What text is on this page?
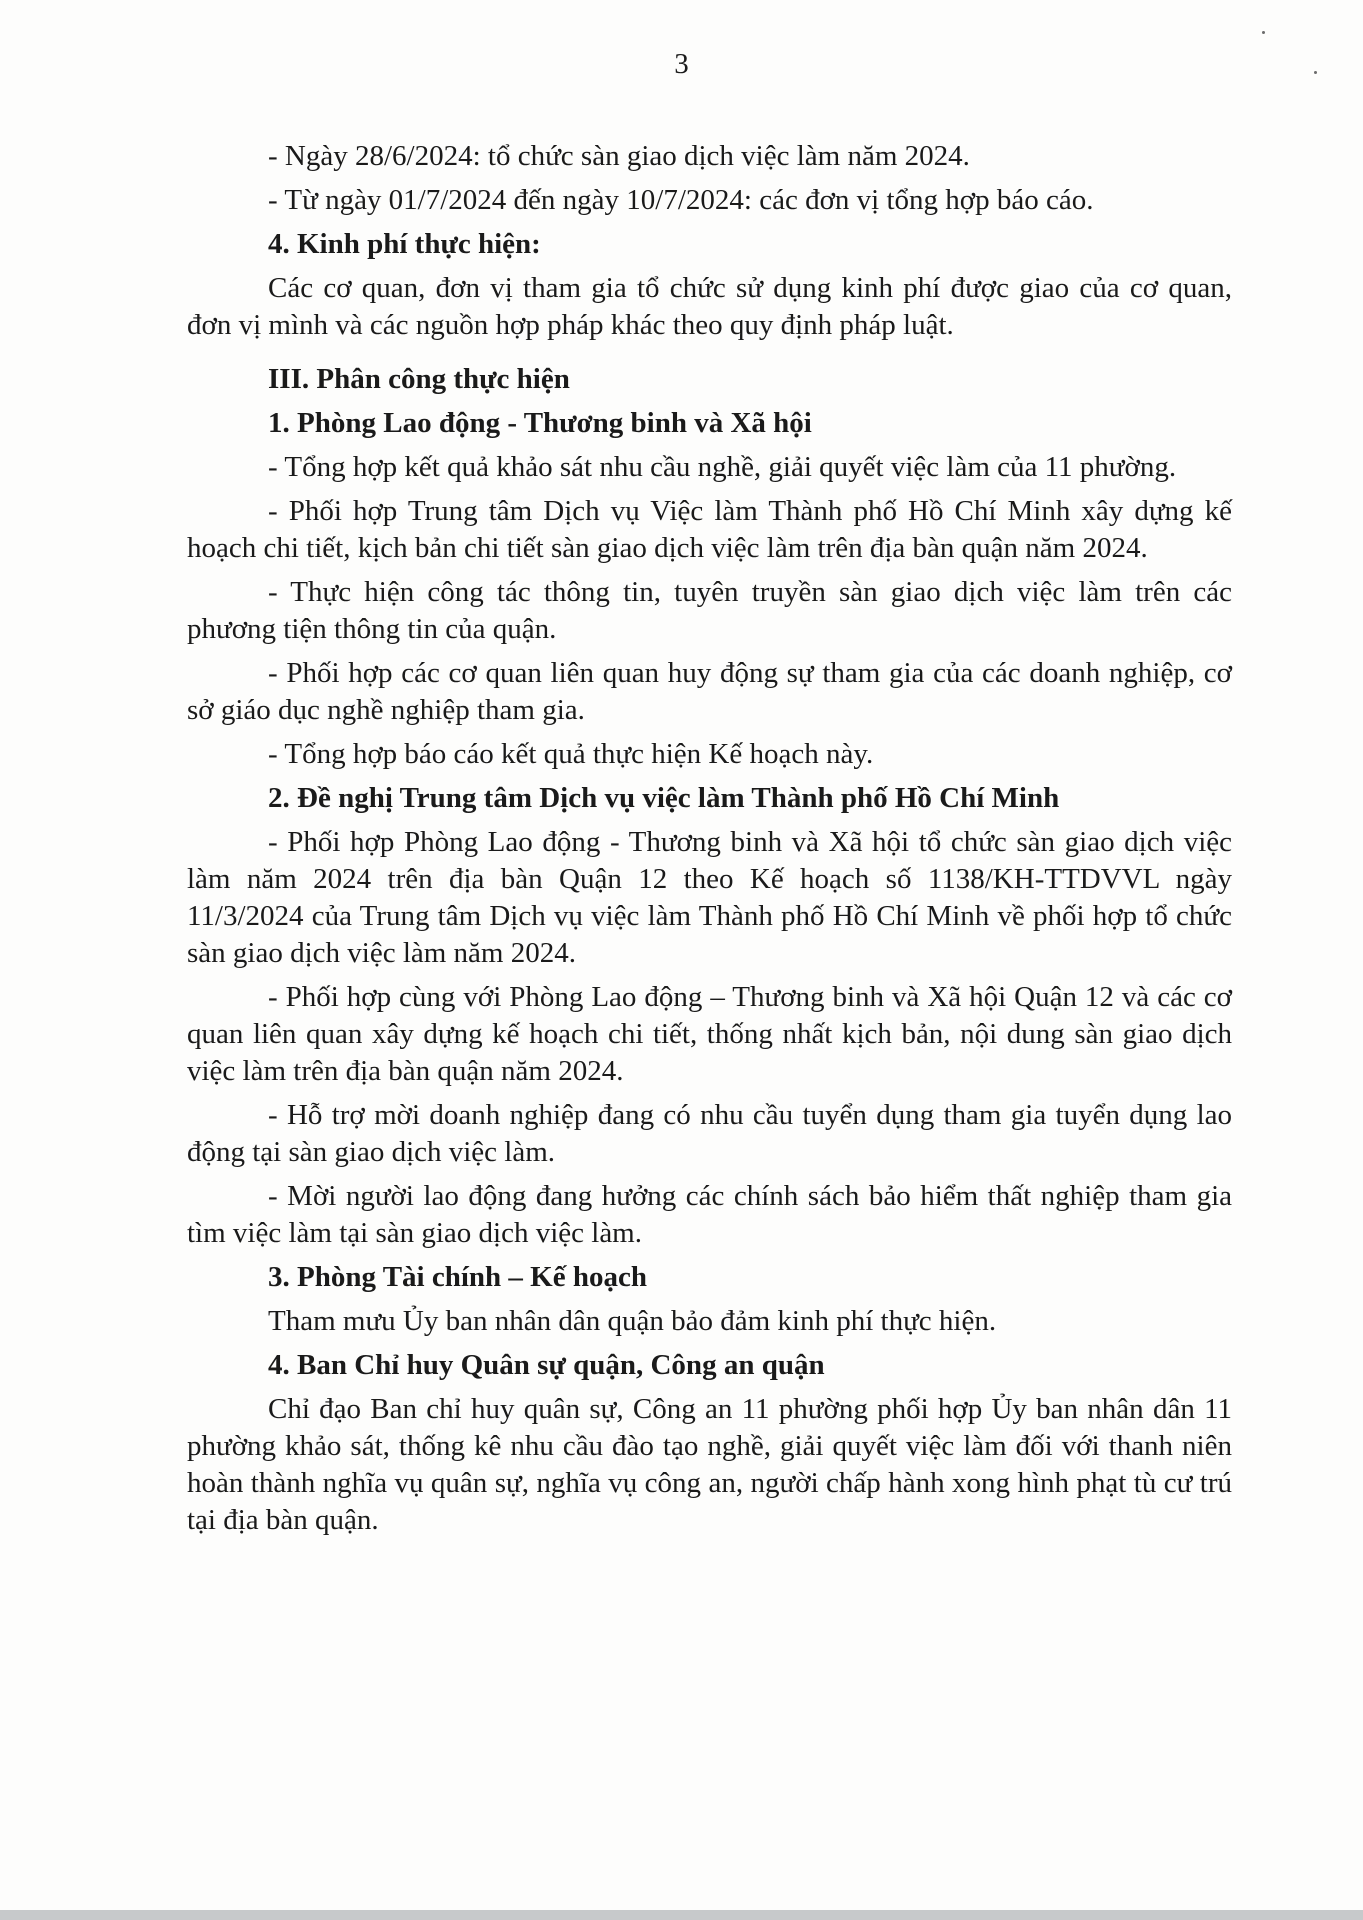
3

- Ngày 28/6/2024: tổ chức sàn giao dịch việc làm năm 2024.

- Từ ngày 01/7/2024 đến ngày 10/7/2024: các đơn vị tổng hợp báo cáo.

4. Kinh phí thực hiện:

Các cơ quan, đơn vị tham gia tổ chức sử dụng kinh phí được giao của cơ quan, đơn vị mình và các nguồn hợp pháp khác theo quy định pháp luật.

III. Phân công thực hiện

1. Phòng Lao động - Thương binh và Xã hội

- Tổng hợp kết quả khảo sát nhu cầu nghề, giải quyết việc làm của 11 phường.

- Phối hợp Trung tâm Dịch vụ Việc làm Thành phố Hồ Chí Minh xây dựng kế hoạch chi tiết, kịch bản chi tiết sàn giao dịch việc làm trên địa bàn quận năm 2024.

- Thực hiện công tác thông tin, tuyên truyền sàn giao dịch việc làm trên các phương tiện thông tin của quận.

- Phối hợp các cơ quan liên quan huy động sự tham gia của các doanh nghiệp, cơ sở giáo dục nghề nghiệp tham gia.

- Tổng hợp báo cáo kết quả thực hiện Kế hoạch này.

2. Đề nghị Trung tâm Dịch vụ việc làm Thành phố Hồ Chí Minh

- Phối hợp Phòng Lao động - Thương binh và Xã hội tổ chức sàn giao dịch việc làm năm 2024 trên địa bàn Quận 12 theo Kế hoạch số 1138/KH-TTDVVL ngày 11/3/2024 của Trung tâm Dịch vụ việc làm Thành phố Hồ Chí Minh về phối hợp tổ chức sàn giao dịch việc làm năm 2024.

- Phối hợp cùng với Phòng Lao động – Thương binh và Xã hội Quận 12 và các cơ quan liên quan xây dựng kế hoạch chi tiết, thống nhất kịch bản, nội dung sàn giao dịch việc làm trên địa bàn quận năm 2024.

- Hỗ trợ mời doanh nghiệp đang có nhu cầu tuyển dụng tham gia tuyển dụng lao động tại sàn giao dịch việc làm.

- Mời người lao động đang hưởng các chính sách bảo hiểm thất nghiệp tham gia tìm việc làm tại sàn giao dịch việc làm.

3. Phòng Tài chính – Kế hoạch

Tham mưu Ủy ban nhân dân quận bảo đảm kinh phí thực hiện.

4. Ban Chỉ huy Quân sự quận, Công an quận

Chỉ đạo Ban chỉ huy quân sự, Công an 11 phường phối hợp Ủy ban nhân dân 11 phường khảo sát, thống kê nhu cầu đào tạo nghề, giải quyết việc làm đối với thanh niên hoàn thành nghĩa vụ quân sự, nghĩa vụ công an, người chấp hành xong hình phạt tù cư trú tại địa bàn quận.
